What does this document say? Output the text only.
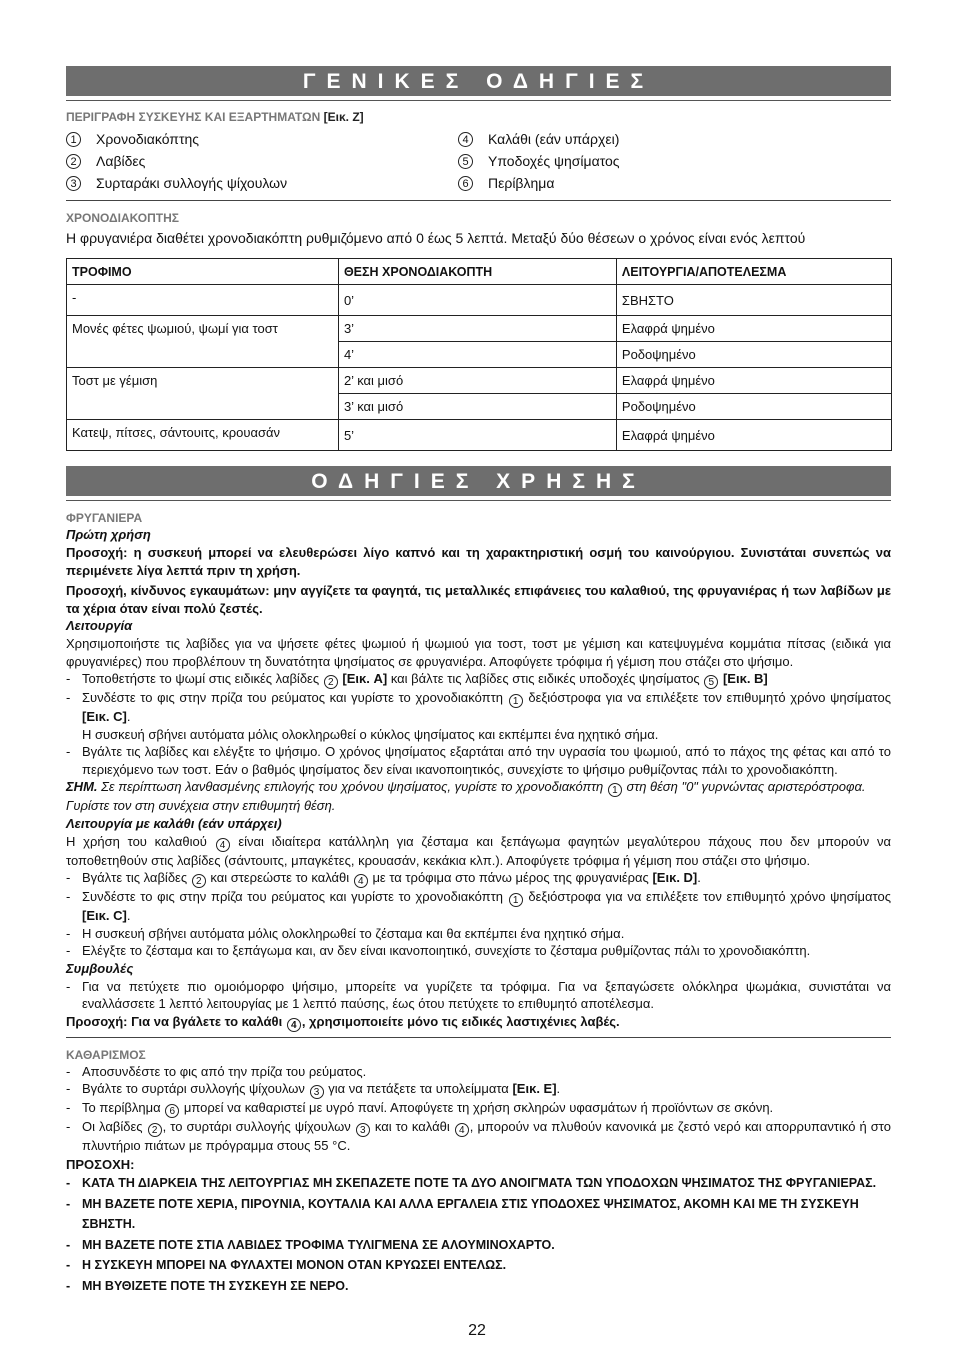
ΓΕΝΙΚΕΣ ΟΔΗΓΙΕΣ
ΠΕΡΙΓΡΑΦΗ ΣΥΣΚΕΥΗΣ ΚΑΙ ΕΞΑΡΤΗΜΑΤΩΝ [Εικ. Z]
1	Χρονοδιακόπτης
2	Λαβίδες
3	Συρταράκι συλλογής ψίχουλων
4	Καλάθι (εάν υπάρχει)
5	Υποδοχές ψησίματος
6	Περίβλημα
ΧΡΟΝΟΔΙΑΚΟΠΤΗΣ

Η φρυγανιέρα διαθέτει χρονοδιακόπτη ρυθμιζόμενο από 0 έως 5 λεπτά. Μεταξύ δύο θέσεων ο χρόνος είναι ενός λεπτού

ΤΡΟΦΙΜΟ	ΘΕΣΗ ΧΡΟΝΟΔΙΑΚΟΠΤΗ	ΛΕΙΤΟΥΡΓΙΑ/ΑΠΟΤΕΛΕΣΜΑ
-	0’	ΣΒΗΣΤΟ
Μονές φέτες ψωμιού, ψωμί για τοστ	3’	Ελαφρά ψημένο
	4’	Ροδοψημένο
Τοστ με γέμιση	2’ και μισό	Ελαφρά ψημένο
	3’ και μισό	Ροδοψημένο
Κατεψ, πίτσες, σάντουιτς, κρουασάν	5’	Ελαφρά ψημένο
ΟΔΗΓΙΕΣ ΧΡΗΣΗΣ
ΦΡΥΓΑΝΙΕΡΑ
Πρώτη χρήση

Προσοχή: η συσκευή μπορεί να ελευθερώσει λίγο καπνό και τη χαρακτηριστική οσμή του καινούργιου. Συνιστάται συνεπώς να περιμένετε λίγα λεπτά πριν τη χρήση.

Προσοχή, κίνδυνος εγκαυμάτων: μην αγγίζετε τα φαγητά, τις μεταλλικές επιφάνειες του καλαθιού, της φρυγανιέρας ή των λαβίδων με τα χέρια όταν είναι πολύ ζεστές.

Λειτουργία

Χρησιμοποιήστε τις λαβίδες για να ψήσετε φέτες ψωμιού ή ψωμιού για τοστ, τοστ με γέμιση και κατεψυγμένα κομμάτια πίτσας (ειδικά για φρυγανιέρες) που προβλέπουν τη δυνατότητα ψησίματος σε φρυγανιέρα. Αποφύγετε τρόφιμα ή γέμιση που στάζει στο ψήσιμο.

- Τοποθετήστε το ψωμί στις ειδικές λαβίδες 2 [Εικ. A] και βάλτε τις λαβίδες στις ειδικές υποδοχές ψησίματος 5 [Εικ. B]
- Συνδέστε το φις στην πρίζα του ρεύματος και γυρίστε το χρονοδιακόπτη 1 δεξιόστροφα για να επιλέξετε τον επιθυμητό χρόνο ψησίματος [Εικ. C].
Η συσκευή σβήνει αυτόματα μόλις ολοκληρωθεί ο κύκλος ψησίματος και εκπέμπει ένα ηχητικό σήμα.
- Βγάλτε τις λαβίδες και ελέγξτε το ψήσιμο. Ο χρόνος ψησίματος εξαρτάται από την υγρασία του ψωμιού, από το πάχος της φέτας και από το περιεχόμενο των τοστ. Εάν ο βαθμός ψησίματος δεν είναι ικανοποιητικός, συνεχίστε το ψήσιμο ρυθμίζοντας πάλι το χρονοδιακόπτη.

ΣΗΜ. Σε περίπτωση λανθασμένης επιλογής του χρόνου ψησίματος, γυρίστε το χρονοδιακόπτη 1 στη θέση "0" γυρνώντας αριστερόστροφα. Γυρίστε τον στη συνέχεια στην επιθυμητή θέση.

Λειτουργία με καλάθι (εάν υπάρχει)

Η χρήση του καλαθιού 4 είναι ιδιαίτερα κατάλληλη για ζέσταμα και ξεπάγωμα φαγητών μεγαλύτερου πάχους που δεν μπορούν να τοποθετηθούν στις λαβίδες (σάντουιτς, μπαγκέτες, κρουασάν, κεκάκια κλπ.). Αποφύγετε τρόφιμα ή γέμιση που στάζει στο ψήσιμο.

- Βγάλτε τις λαβίδες 2 και στερεώστε το καλάθι 4 με τα τρόφιμα στο πάνω μέρος της φρυγανιέρας [Εικ. D].
- Συνδέστε το φις στην πρίζα του ρεύματος και γυρίστε το χρονοδιακόπτη 1 δεξιόστροφα για να επιλέξετε τον επιθυμητό χρόνο ψησίματος [Εικ. C].
- Η συσκευή σβήνει αυτόματα μόλις ολοκληρωθεί το ζέσταμα και θα εκπέμπει ένα ηχητικό σήμα.
- Ελέγξτε το ζέσταμα και το ξεπάγωμα και, αν δεν είναι ικανοποιητικό, συνεχίστε το ζέσταμα ρυθμίζοντας πάλι το χρονοδιακόπτη.
Συμβουλές
- Για να πετύχετε πιο ομοιόμορφο ψήσιμο, μπορείτε να γυρίζετε τα τρόφιμα. Για να ξεπαγώσετε ολόκληρα ψωμάκια, συνιστάται να εναλλάσσετε 1 λεπτό λειτουργίας με 1 λεπτό παύσης, έως ότου πετύχετε το επιθυμητό αποτέλεσμα.

Προσοχή: Για να βγάλετε το καλάθι 4 , χρησιμοποιείτε μόνο τις ειδικές λαστιχένιες λαβές.

ΚΑΘΑΡΙΣΜΟΣ
- Αποσυνδέστε το φις από την πρίζα του ρεύματος.
- Βγάλτε το συρτάρι συλλογής ψίχουλων 3 για να πετάξετε τα υπολείμματα [Εικ. E].
- Το περίβλημα 6 μπορεί να καθαριστεί με υγρό πανί. Αποφύγετε τη χρήση σκληρών υφασμάτων ή προϊόντων σε σκόνη.
- Οι λαβίδες 2 , το συρτάρι συλλογής ψίχουλων 3 και το καλάθι 4 , μπορούν να πλυθούν κανονικά με ζεστό νερό και απορρυπαντικό ή στο πλυντήριο πιάτων με πρόγραμμα στους 55 °C.
ΠΡΟΣΟΧΗ:
- ΚΑΤΑ ΤΗ ΔΙΑΡΚΕΙΑ ΤΗΣ ΛΕΙΤΟΥΡΓΙΑΣ ΜΗ ΣΚΕΠΑΖΕΤΕ ΠΟΤΕ ΤΑ ΔΥΟ ΑΝΟΙΓΜΑΤΑ ΤΩΝ ΥΠΟΔΟΧΩΝ ΨΗΣΙΜΑΤΟΣ ΤΗΣ ΦΡΥΓΑΝΙΕΡΑΣ.
- ΜΗ ΒΑΖΕΤΕ ΠΟΤΕ ΧΕΡΙΑ, ΠΙΡΟΥΝΙΑ, ΚΟΥΤΑΛΙΑ ΚΑΙ ΑΛΛΑ ΕΡΓΑΛΕΙΑ ΣΤΙΣ ΥΠΟΔΟΧΕΣ ΨΗΣΙΜΑΤΟΣ, ΑΚΟΜΗ ΚΑΙ ΜΕ ΤΗ ΣΥΣΚΕΥΗ ΣΒΗΣΤΗ.
- ΜΗ ΒΑΖΕΤΕ ΠΟΤΕ ΣΤΙΑ ΛΑΒΙΔΕΣ ΤΡΟΦΙΜΑ ΤΥΛΙΓΜΕΝΑ ΣΕ ΑΛΟΥΜΙΝΟΧΑΡΤΟ.
- Η ΣΥΣΚΕΥΗ ΜΠΟΡΕΙ ΝΑ ΦΥΛΑΧΤΕΙ ΜΟΝΟΝ ΟΤΑΝ ΚΡΥΩΣΕΙ ΕΝΤΕΛΩΣ.
- ΜΗ ΒΥΘΙΖΕΤΕ ΠΟΤΕ ΤΗ ΣΥΣΚΕΥΗ ΣΕ ΝΕΡΟ.
22
